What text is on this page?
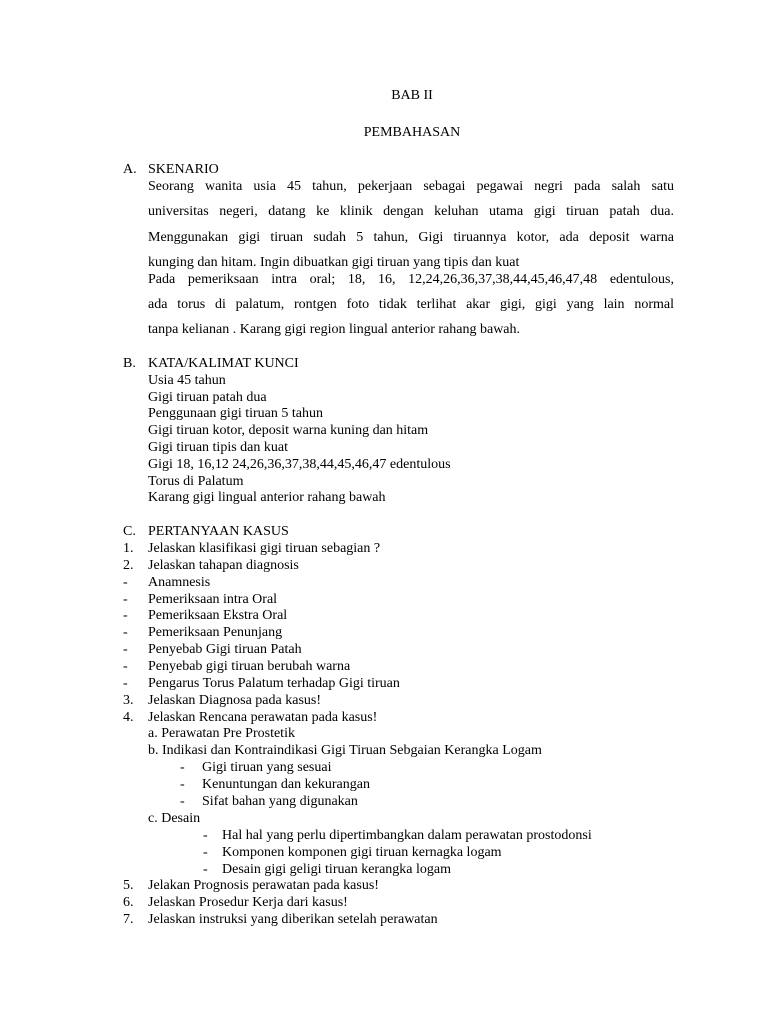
BAB II
PEMBAHASAN
A. SKENARIO
Seorang wanita usia 45 tahun, pekerjaan sebagai pegawai negri pada salah satu
universitas negeri, datang ke klinik dengan keluhan utama gigi tiruan patah dua.
Menggunakan gigi tiruan sudah 5 tahun, Gigi tiruannya kotor, ada deposit warna
kunging dan hitam. Ingin dibuatkan gigi tiruan yang tipis dan kuat
Pada pemeriksaan intra oral; 18, 16, 12,24,26,36,37,38,44,45,46,47,48 edentulous,
ada torus di palatum, rontgen foto tidak terlihat akar gigi, gigi yang lain normal
tanpa kelianan . Karang gigi region lingual anterior rahang bawah.
B. KATA/KALIMAT KUNCI
Usia 45 tahun
Gigi tiruan patah dua
Penggunaan gigi tiruan 5 tahun
Gigi tiruan kotor, deposit warna kuning dan hitam
Gigi tiruan tipis dan kuat
Gigi 18, 16,12 24,26,36,37,38,44,45,46,47 edentulous
Torus di Palatum
Karang gigi lingual anterior rahang bawah
C. PERTANYAAN KASUS
1. Jelaskan klasifikasi gigi tiruan sebagian ?
2. Jelaskan tahapan diagnosis
- Anamnesis
- Pemeriksaan intra Oral
- Pemeriksaan Ekstra Oral
- Pemeriksaan Penunjang
- Penyebab Gigi tiruan Patah
- Penyebab gigi tiruan berubah warna
- Pengarus Torus Palatum terhadap Gigi tiruan
3. Jelaskan Diagnosa pada kasus!
4. Jelaskan Rencana perawatan pada kasus!
a. Perawatan Pre Prostetik
b. Indikasi dan Kontraindikasi Gigi Tiruan Sebgaian Kerangka Logam
- Gigi tiruan yang sesuai
- Kenuntungan dan kekurangan
- Sifat bahan yang digunakan
c. Desain
- Hal hal yang perlu dipertimbangkan dalam perawatan prostodonsi
- Komponen komponen gigi tiruan kernagka logam
- Desain gigi geligi tiruan kerangka logam
5. Jelakan Prognosis perawatan pada kasus!
6. Jelaskan Prosedur Kerja dari kasus!
7. Jelaskan instruksi yang diberikan setelah perawatan
